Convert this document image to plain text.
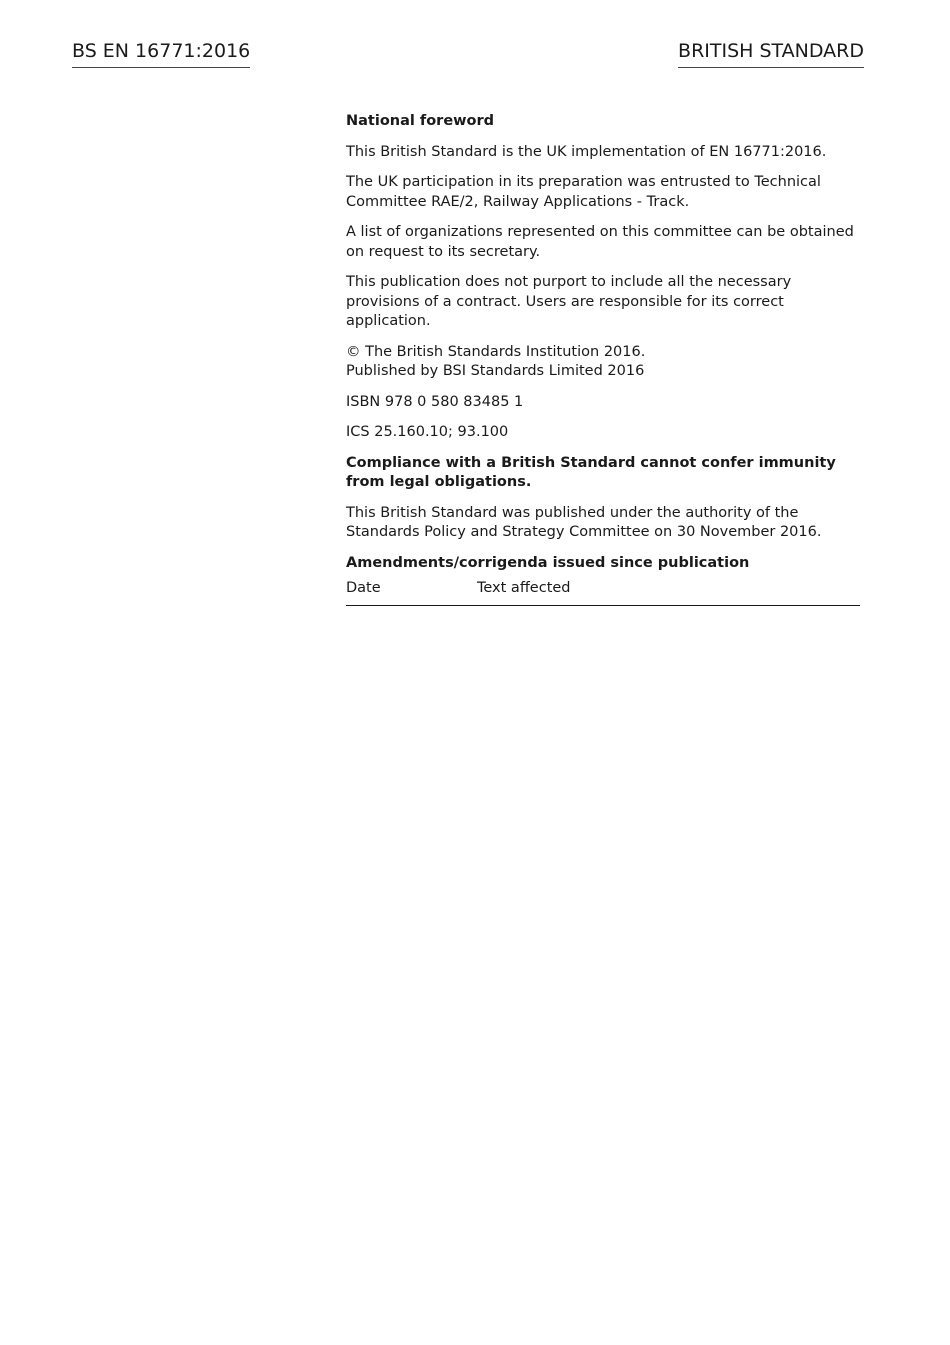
BS EN 16771:2016	BRITISH STANDARD

National foreword

This British Standard is the UK implementation of EN 16771:2016.

The UK participation in its preparation was entrusted to Technical Committee RAE/2, Railway Applications - Track.

A list of organizations represented on this committee can be obtained on request to its secretary.

This publication does not purport to include all the necessary provisions of a contract. Users are responsible for its correct application.

© The British Standards Institution 2016.
Published by BSI Standards Limited 2016

ISBN 978 0 580 83485 1

ICS 25.160.10; 93.100

Compliance with a British Standard cannot confer immunity from legal obligations.

This British Standard was published under the authority of the Standards Policy and Strategy Committee on 30 November 2016.

Amendments/corrigenda issued since publication
Date	Text affected
